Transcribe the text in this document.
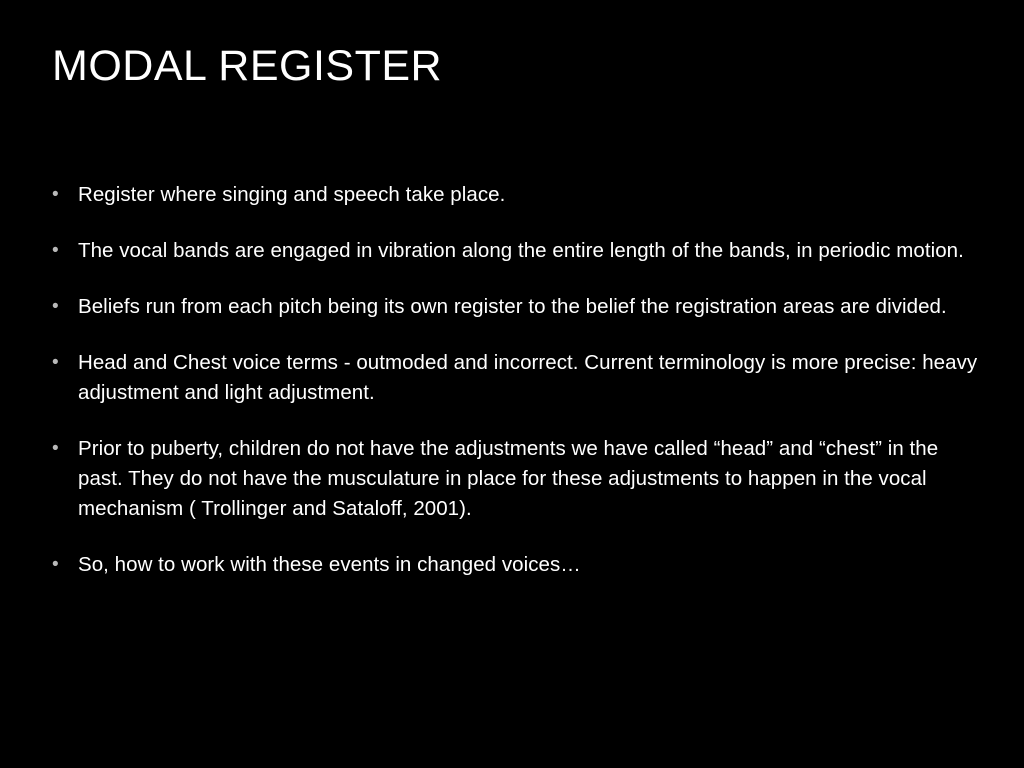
MODAL REGISTER
• Register where singing and speech take place.
• The vocal bands are engaged in vibration along the entire length of the bands, in periodic motion.
• Beliefs run from each pitch being its own register to the belief the registration areas are divided.
• Head and Chest voice terms - outmoded and incorrect. Current terminology is more precise: heavy adjustment and light adjustment.
• Prior to puberty, children do not have the adjustments we have called “head” and “chest” in the past. They do not have the musculature in place for these adjustments to happen in the vocal mechanism ( Trollinger and Sataloff, 2001).
• So, how to work with these events in changed voices…
